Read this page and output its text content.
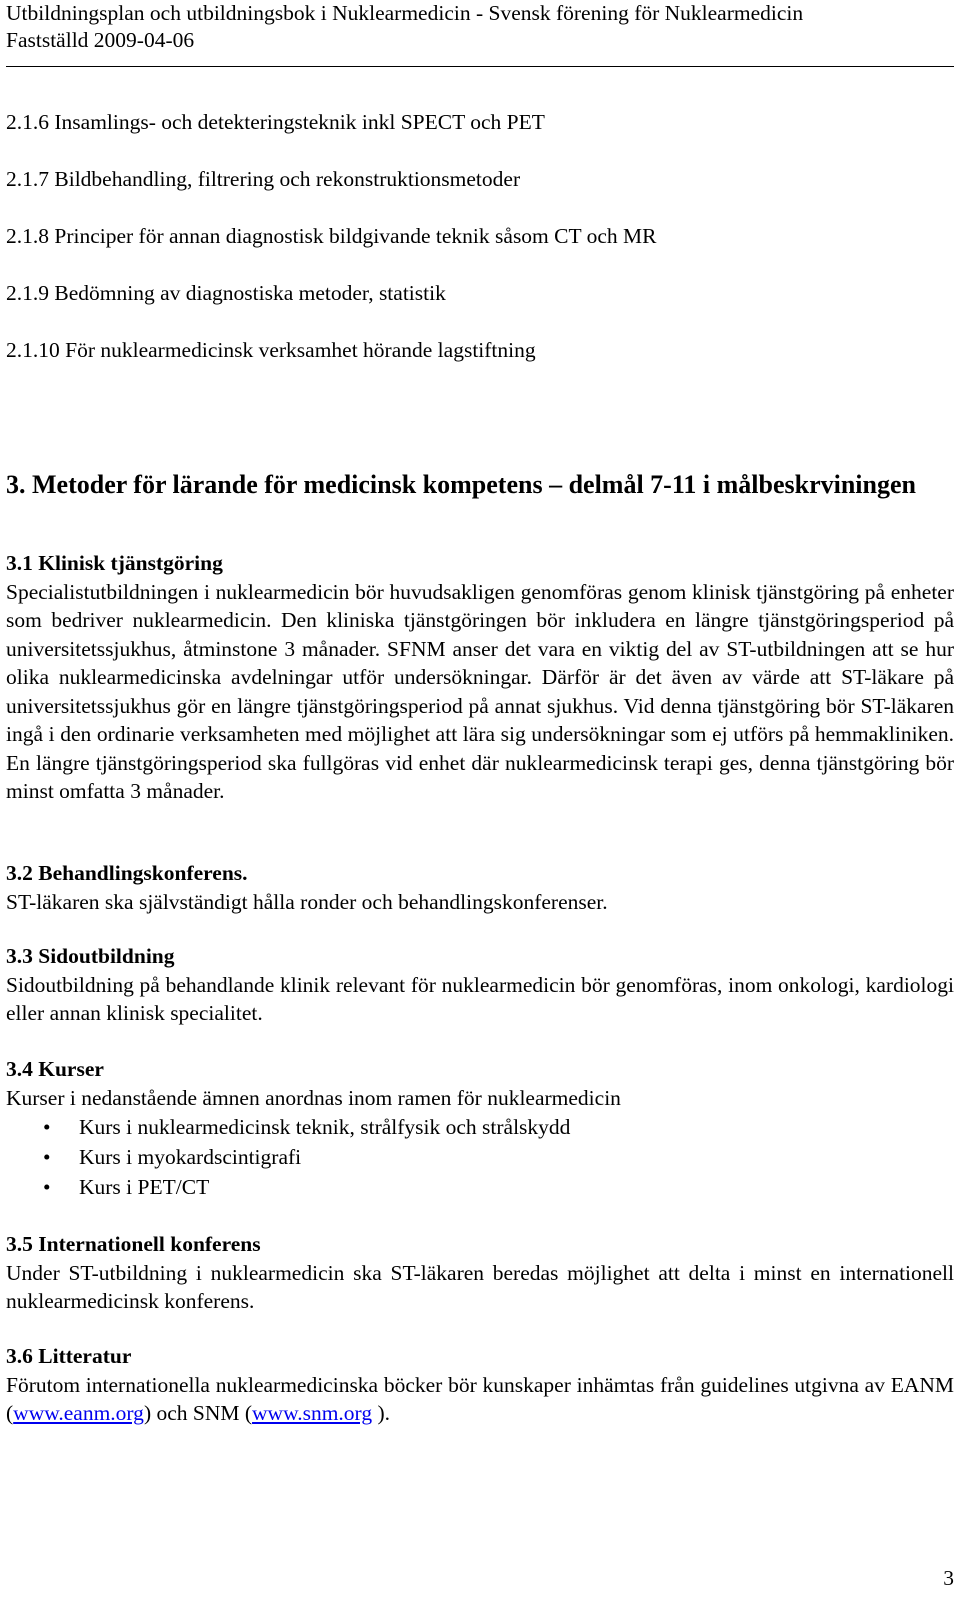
Utbildningsplan och utbildningsbok i Nuklearmedicin - Svensk förening för Nuklearmedicin
Fastställd 2009-04-06
2.1.6 Insamlings- och detekteringsteknik inkl SPECT och PET
2.1.7 Bildbehandling, filtrering och rekonstruktionsmetoder
2.1.8 Principer för annan diagnostisk bildgivande teknik såsom CT och MR
2.1.9 Bedömning av diagnostiska metoder, statistik
2.1.10 För nuklearmedicinsk verksamhet hörande lagstiftning
3. Metoder för lärande för medicinsk kompetens – delmål 7-11 i målbeskrviningen
3.1 Klinisk tjänstgöring

Specialistutbildningen i nuklearmedicin bör huvudsakligen genomföras genom klinisk tjänstgöring på enheter som bedriver nuklearmedicin. Den kliniska tjänstgöringen bör inkludera en längre tjänstgöringsperiod på universitetssjukhus, åtminstone 3 månader. SFNM anser det vara en viktig del av ST-utbildningen att se hur olika nuklearmedicinska avdelningar utför undersökningar. Därför är det även av värde att ST-läkare på universitetssjukhus gör en längre tjänstgöringsperiod på annat sjukhus. Vid denna tjänstgöring bör ST-läkaren ingå i den ordinarie verksamheten med möjlighet att lära sig undersökningar som ej utförs på hemmakliniken. En längre tjänstgöringsperiod ska fullgöras vid enhet där nuklearmedicinsk terapi ges, denna tjänstgöring bör minst omfatta 3 månader.

3.2 Behandlingskonferens.

ST-läkaren ska självständigt hålla ronder och behandlingskonferenser.

3.3 Sidoutbildning

Sidoutbildning på behandlande klinik relevant för nuklearmedicin bör genomföras, inom onkologi, kardiologi eller annan klinisk specialitet.

3.4 Kurser

Kurser i nedanstående ämnen anordnas inom ramen för nuklearmedicin

• Kurs i nuklearmedicinsk teknik, strålfysik och strålskydd
• Kurs i myokardscintigrafi
• Kurs i PET/CT
3.5 Internationell konferens

Under ST-utbildning i nuklearmedicin ska ST-läkaren beredas möjlighet att delta i minst en internationell nuklearmedicinsk konferens.

3.6 Litteratur

Förutom internationella nuklearmedicinska böcker bör kunskaper inhämtas från guidelines utgivna av EANM (www.eanm.org) och SNM (www.snm.org ).

3
